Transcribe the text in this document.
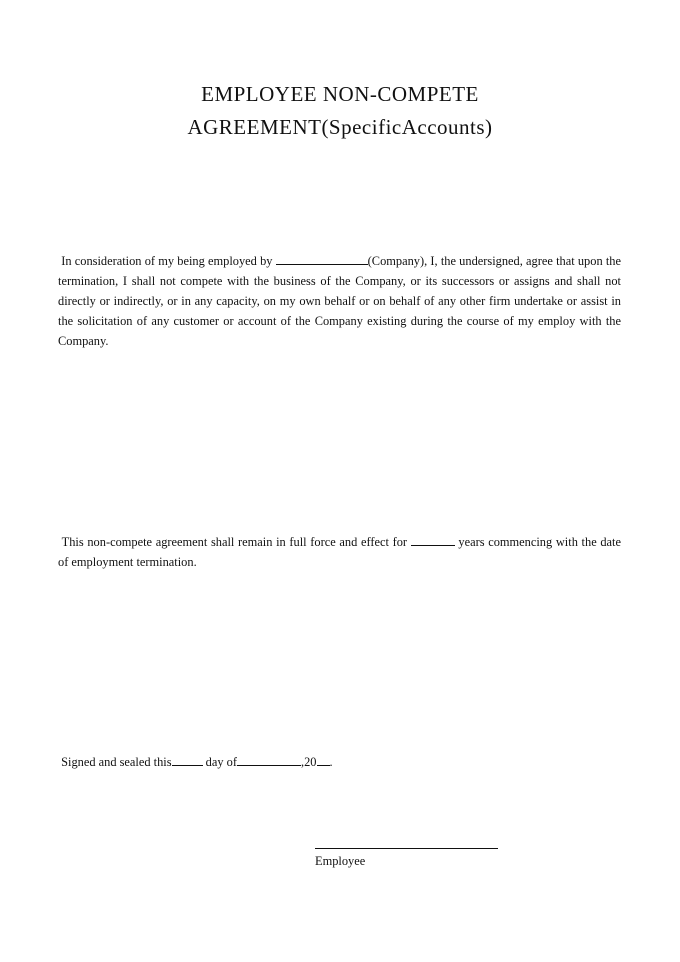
EMPLOYEE NON-COMPETE
AGREEMENT(SpecificAccounts)
In consideration of my being employed by	(Company), I, the undersigned, agree that upon the termination, I shall not compete with the business of the Company, or its successors or assigns and shall not directly or indirectly, or in any capacity, on my own behalf or on behalf of any other firm undertake or assist in the solicitation of any customer or account of the Company existing during the course of my employ with the Company.
This non-compete agreement shall remain in full force and effect for	years commencing with the date of employment termination.
Signed and sealed this	day of	,20 .
Employee
